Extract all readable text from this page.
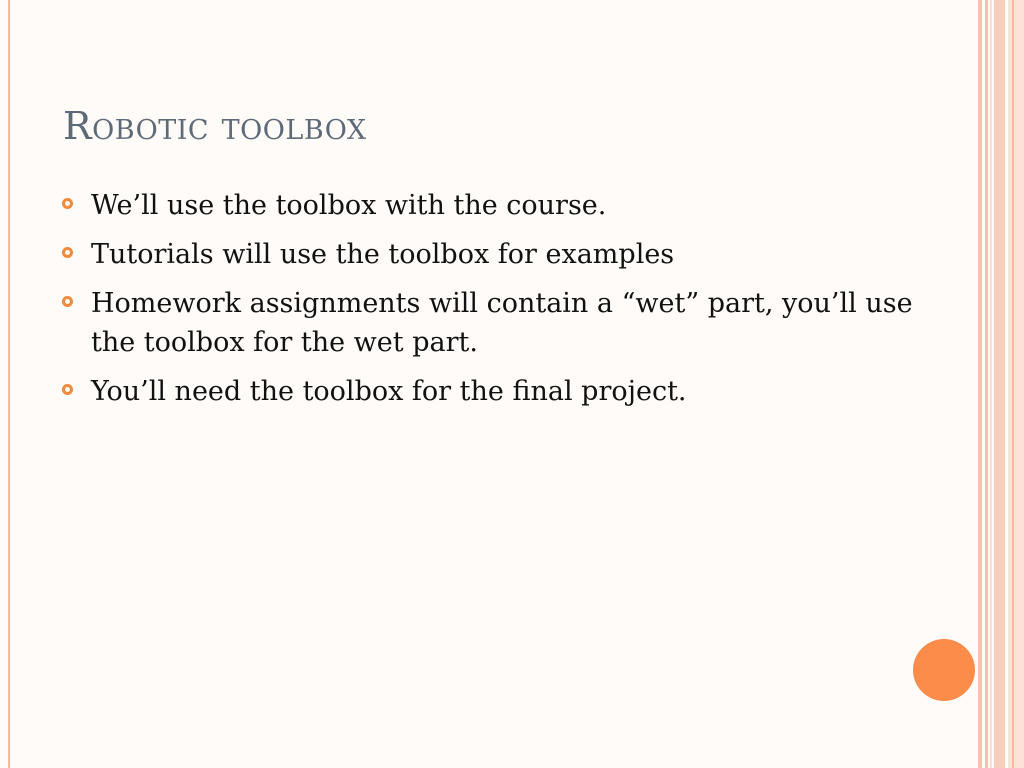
Robotic toolbox
We’ll use the toolbox with the course.
Tutorials will use the toolbox for examples
Homework assignments will contain a “wet” part, you’ll use the toolbox for the wet part.
You’ll need the toolbox for the final project.
